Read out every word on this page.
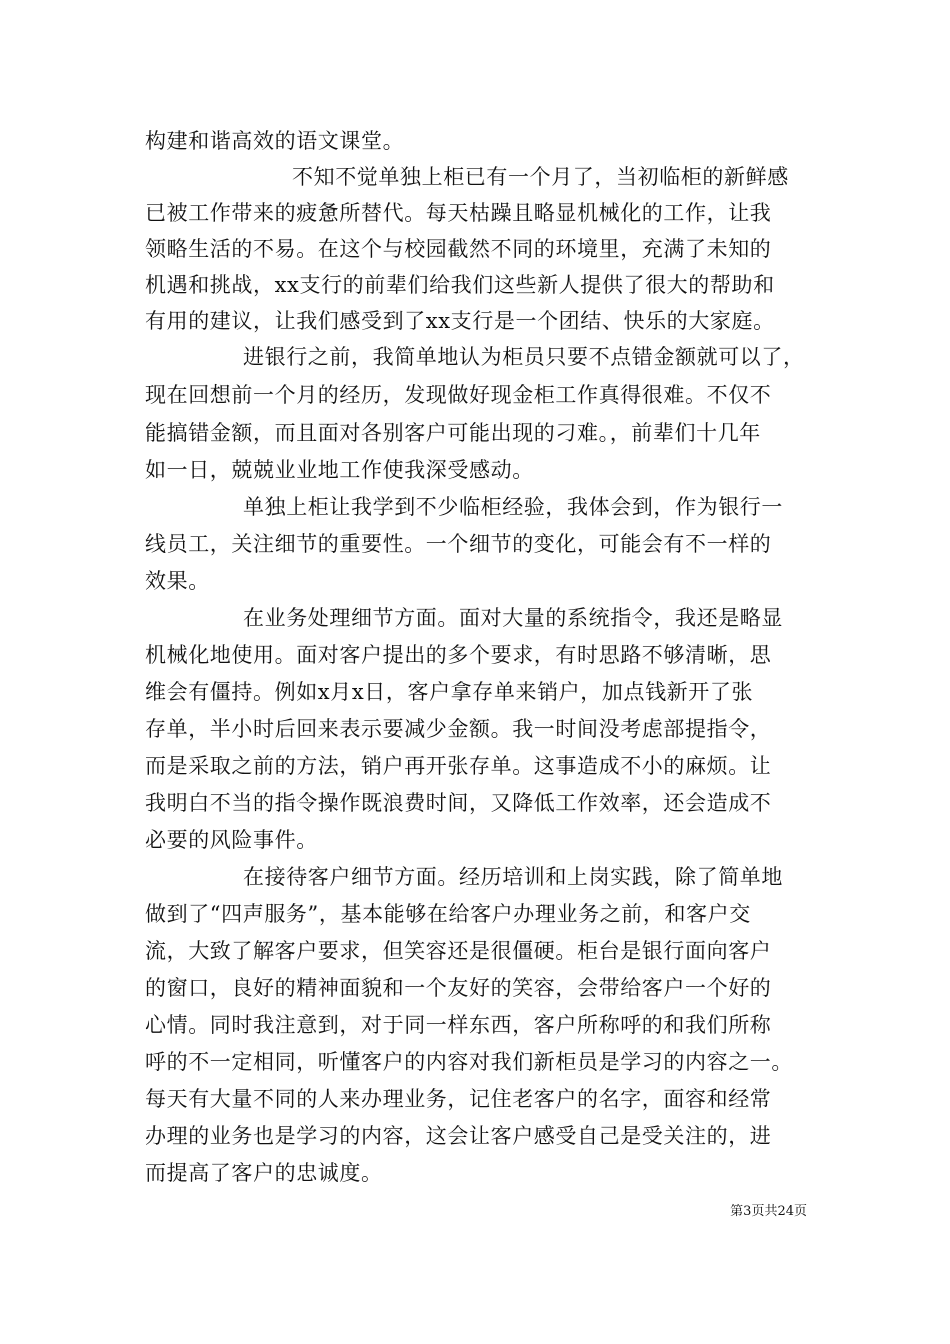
构建和谐高效的语文课堂。
不知不觉单独上柜已有一个月了，当初临柜的新鲜感
已被工作带来的疲惫所替代。每天枯躁且略显机械化的工作，让我
领略生活的不易。在这个与校园截然不同的环境里，充满了未知的
机遇和挑战，xx支行的前辈们给我们这些新人提供了很大的帮助和
有用的建议，让我们感受到了xx支行是一个团结、快乐的大家庭。
进银行之前，我简单地认为柜员只要不点错金额就可以了，
现在回想前一个月的经历，发现做好现金柜工作真得很难。不仅不
能搞错金额，而且面对各别客户可能出现的刁难。，前辈们十几年
如一日，兢兢业业地工作使我深受感动。
单独上柜让我学到不少临柜经验，我体会到，作为银行一
线员工，关注细节的重要性。一个细节的变化，可能会有不一样的
效果。
在业务处理细节方面。面对大量的系统指令，我还是略显
机械化地使用。面对客户提出的多个要求，有时思路不够清晰，思
维会有僵持。例如x月x日，客户拿存单来销户，加点钱新开了张
存单，半小时后回来表示要减少金额。我一时间没考虑部提指令，
而是采取之前的方法，销户再开张存单。这事造成不小的麻烦。让
我明白不当的指令操作既浪费时间，又降低工作效率，还会造成不
必要的风险事件。
在接待客户细节方面。经历培训和上岗实践，除了简单地
做到了“四声服务”，基本能够在给客户办理业务之前，和客户交
流，大致了解客户要求，但笑容还是很僵硬。柜台是银行面向客户
的窗口，良好的精神面貌和一个友好的笑容，会带给客户一个好的
心情。同时我注意到，对于同一样东西，客户所称呼的和我们所称
呼的不一定相同，听懂客户的内容对我们新柜员是学习的内容之一。
每天有大量不同的人来办理业务，记住老客户的名字，面容和经常
办理的业务也是学习的内容，这会让客户感受自己是受关注的，进
而提高了客户的忠诚度。
第3页共24页
